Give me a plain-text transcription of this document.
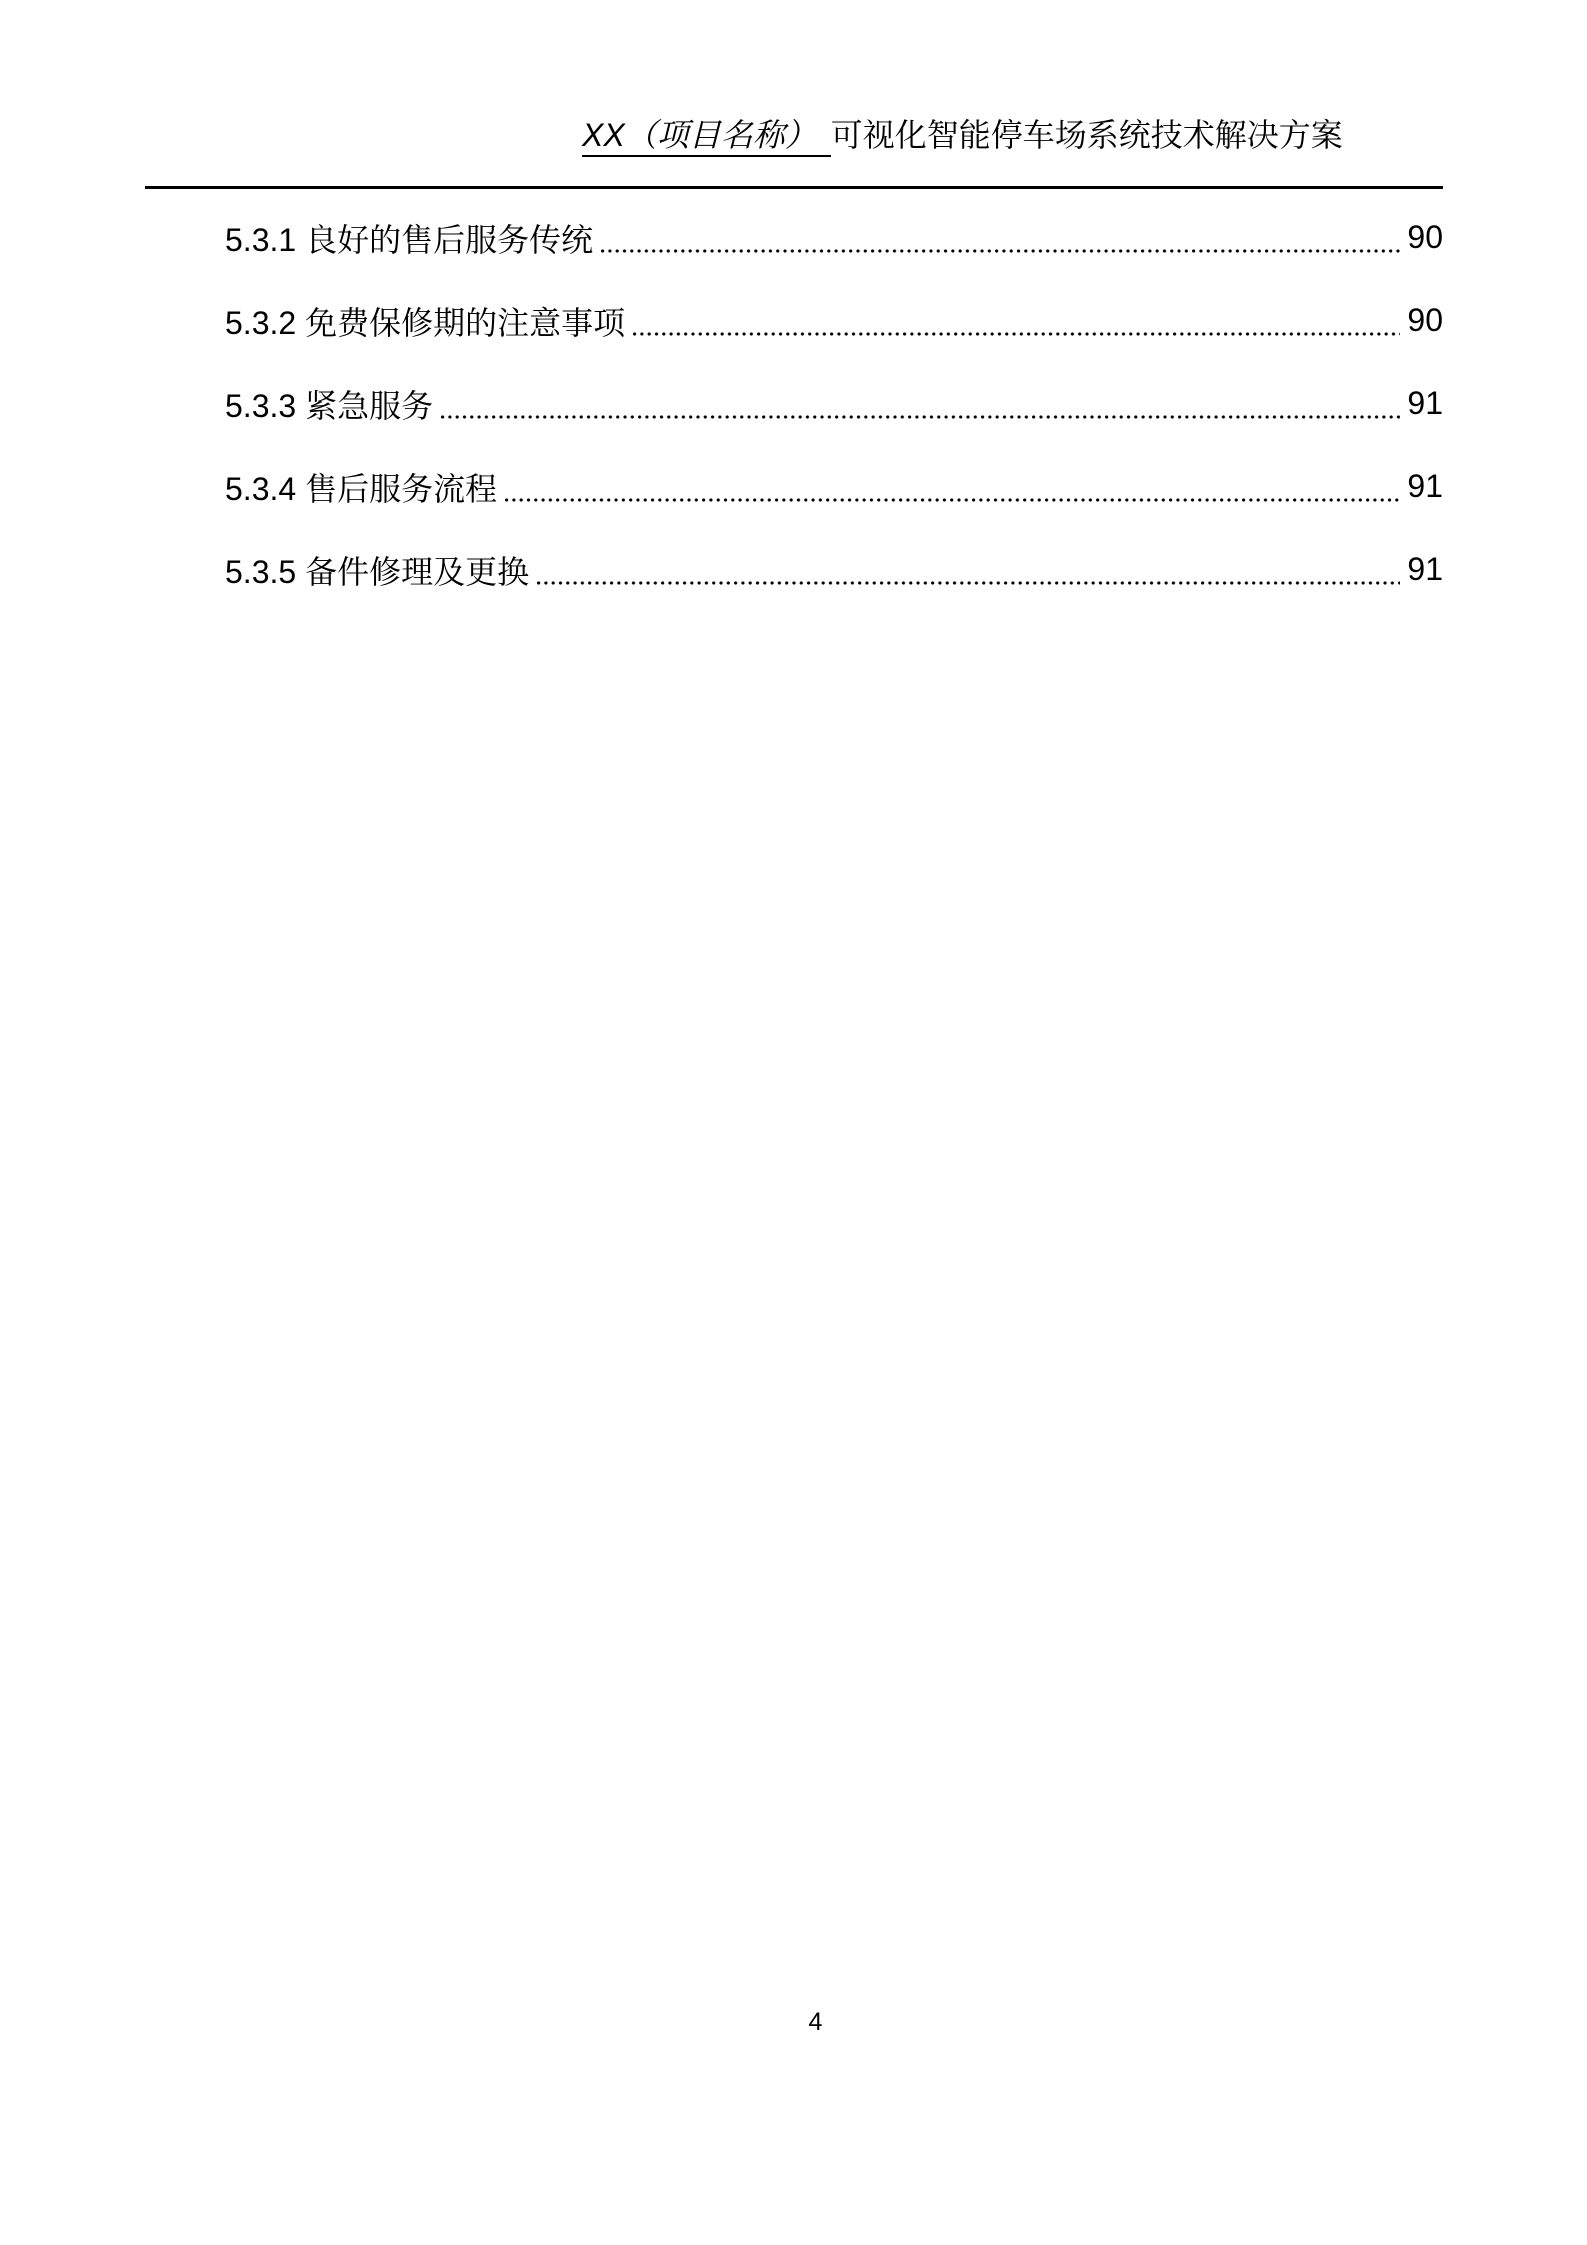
XX（项目名称） 可视化智能停车场系统技术解决方案
5.3.1 良好的售后服务传统	90
5.3.2 免费保修期的注意事项	90
5.3.3 紧急服务	91
5.3.4 售后服务流程	91
5.3.5 备件修理及更换	91
4
